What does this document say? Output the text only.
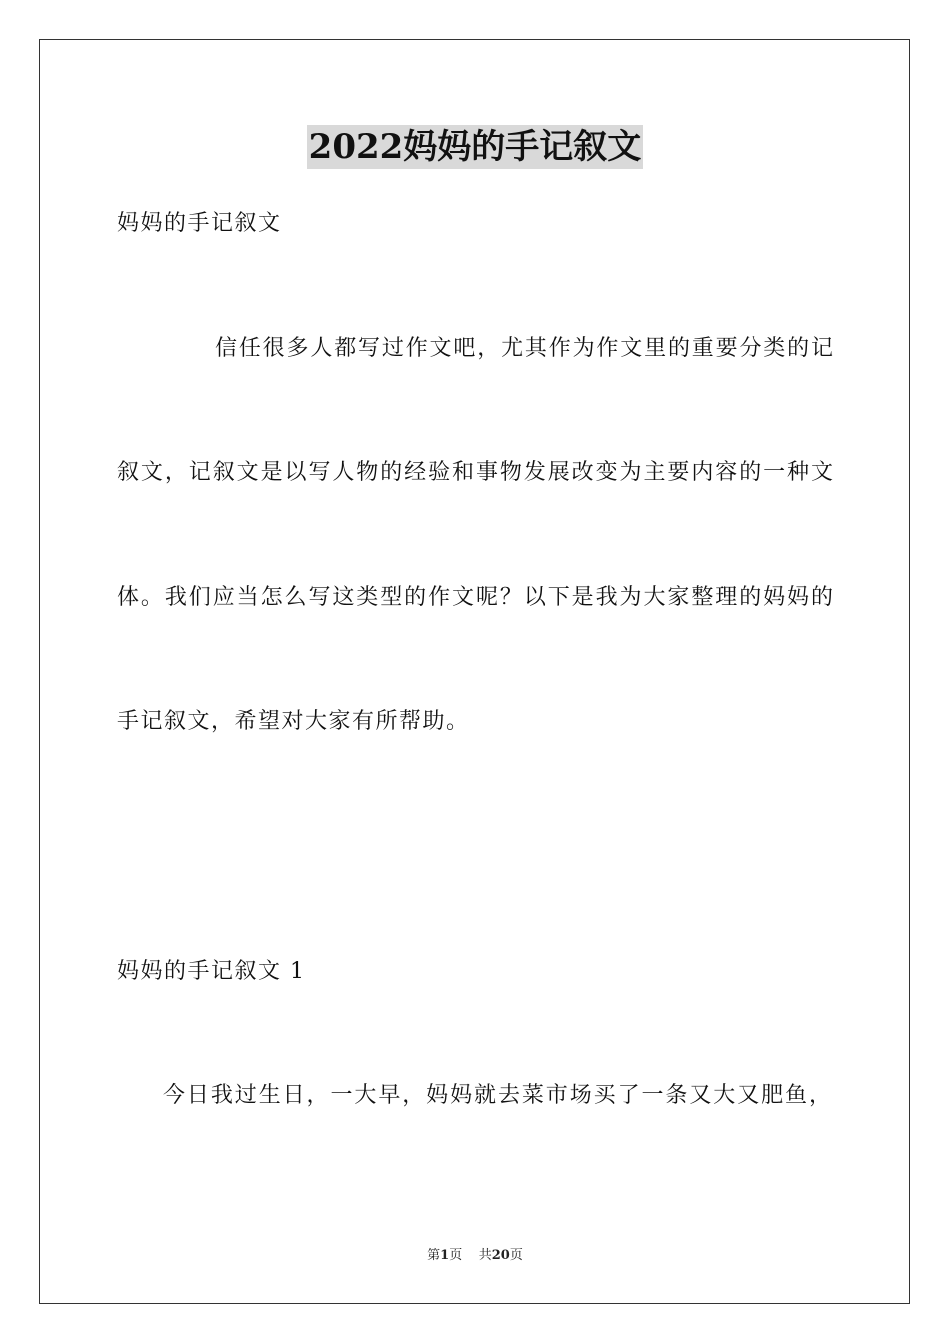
2022妈妈的手记叙文
妈妈的手记叙文
信任很多人都写过作文吧，尤其作为作文里的重要分类的记
叙文，记叙文是以写人物的经验和事物发展改变为主要内容的一种文
体。我们应当怎么写这类型的作文呢？以下是我为大家整理的妈妈的
手记叙文，希望对大家有所帮助。
妈妈的手记叙文 1
今日我过生日，一大早，妈妈就去菜市场买了一条又大又肥鱼，
第1页 共20页
